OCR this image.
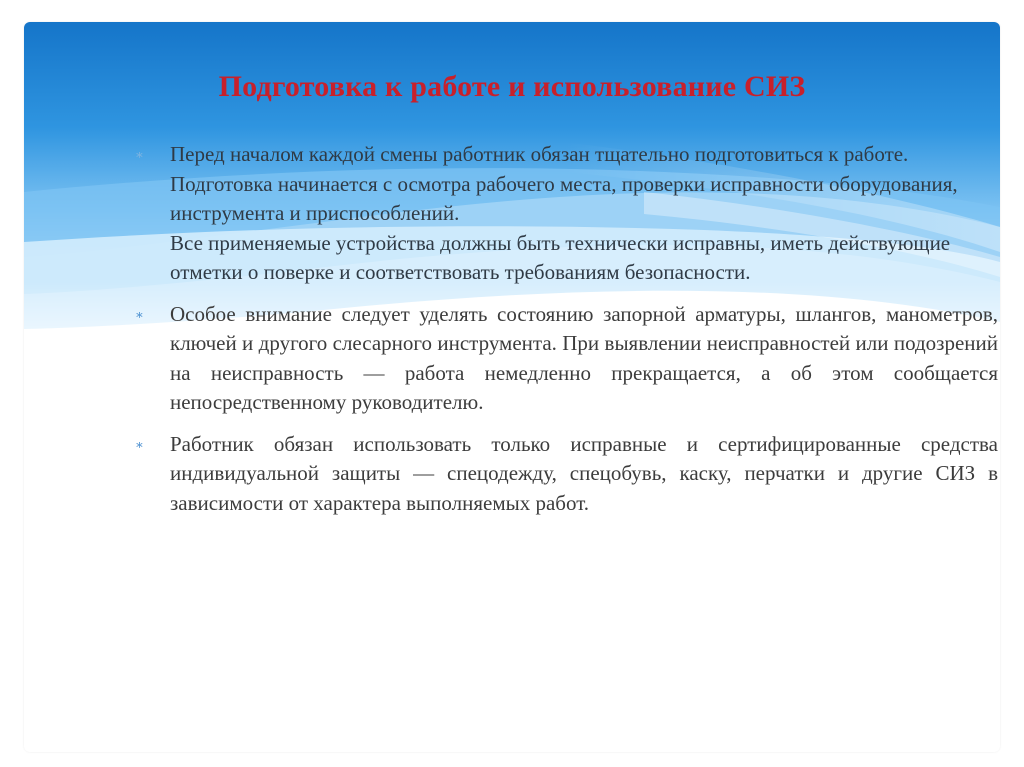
Подготовка к работе и использование СИЗ
∗ Перед началом каждой смены работник обязан тщательно подготовиться к работе.

Подготовка начинается с осмотра рабочего места, проверки исправности оборудования, инструмента и приспособлений.

Все применяемые устройства должны быть технически исправны, иметь действующие отметки о поверке и соответствовать требованиям безопасности.

∗ Особое внимание следует уделять состоянию запорной арматуры, шлангов, манометров, ключей и другого слесарного инструмента. При выявлении неисправностей или подозрений на неисправность — работа немедленно прекращается, а об этом сообщается непосредственному руководителю.

∗ Работник обязан использовать только исправные и сертифицированные средства индивидуальной защиты — спецодежду, спецобувь, каску, перчатки и другие СИЗ в зависимости от характера выполняемых работ.
